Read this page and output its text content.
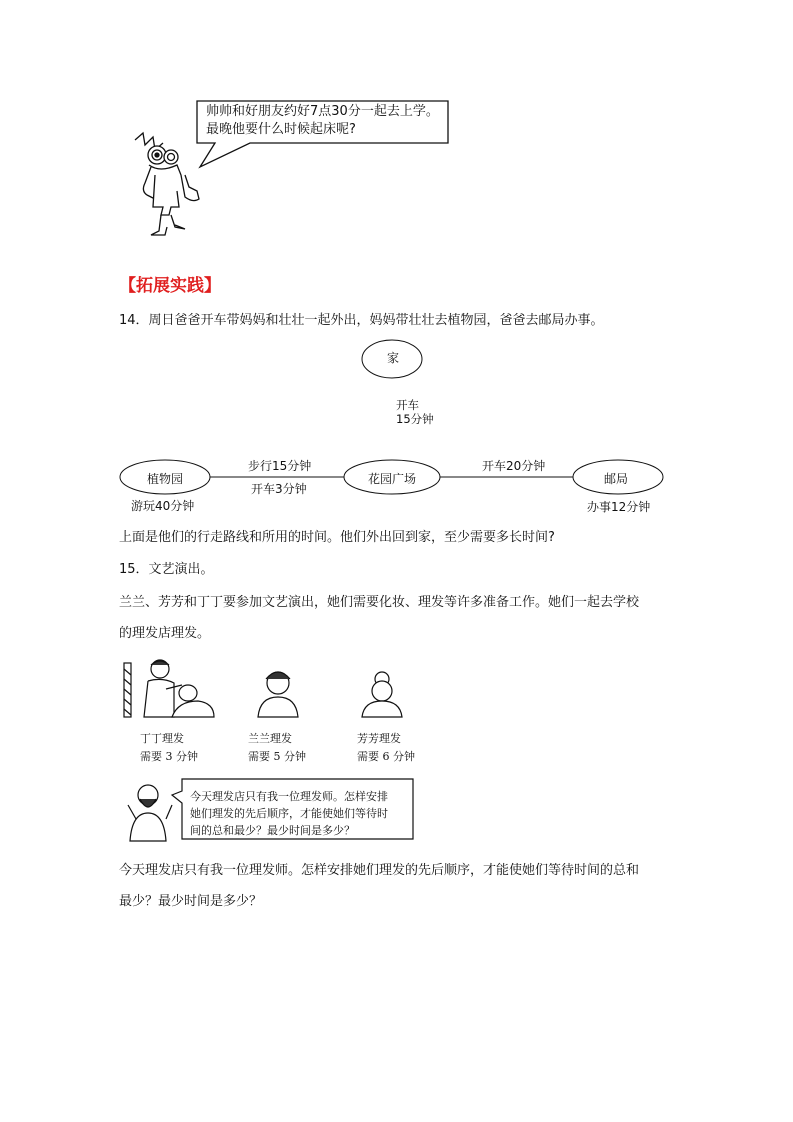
帅帅和好朋友约好7点30分一起去上学。
最晚他要什么时候起床呢?
【拓展实践】
14．周日爸爸开车带妈妈和壮壮一起外出，妈妈带壮壮去植物园，爸爸去邮局办事。
家
开车
15分钟
植物园
游玩40分钟
步行15分钟
开车3分钟
花园广场
开车20分钟
邮局
办事12分钟
上面是他们的行走路线和所用的时间。他们外出回到家，至少需要多长时间?
15．文艺演出。
兰兰、芳芳和丁丁要参加文艺演出，她们需要化妆、理发等许多准备工作。她们一起去学校
的理发店理发。
丁丁理发
需要 3 分钟
兰兰理发
需要 5 分钟
芳芳理发
需要 6 分钟
今天理发店只有我一位理发师。怎样安排
她们理发的先后顺序，才能使她们等待时
间的总和最少？最少时间是多少？
今天理发店只有我一位理发师。怎样安排她们理发的先后顺序，才能使她们等待时间的总和
最少？最少时间是多少？
